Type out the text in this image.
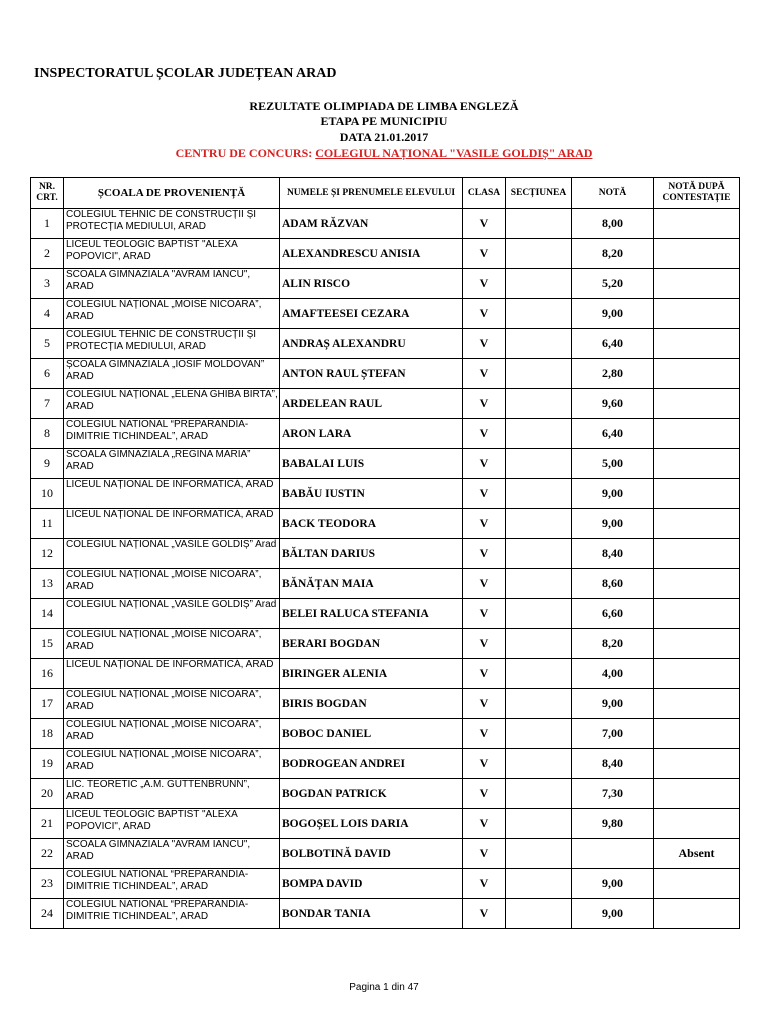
INSPECTORATUL ȘCOLAR JUDEȚEAN ARAD
REZULTATE OLIMPIADA DE LIMBA ENGLEZĂ
ETAPA PE MUNICIPIU
DATA 21.01.2017
CENTRU DE CONCURS: COLEGIUL NAȚIONAL "VASILE GOLDIȘ" ARAD
NR. CRT.	ȘCOALA DE PROVENIENȚĂ	NUMELE ȘI PRENUMELE ELEVULUI	CLASA	SECȚIUNEA	NOTĂ	NOTĂ DUPĂ CONTESTAȚIE
1	COLEGIUL TEHNIC DE CONSTRUCȚII ȘI PROTECȚIA MEDIULUI, ARAD	ADAM RĂZVAN	V		8,00	
2	LICEUL TEOLOGIC BAPTIST "ALEXA POPOVICI", ARAD	ALEXANDRESCU ANISIA	V		8,20	
3	SCOALA GIMNAZIALA "AVRAM IANCU", ARAD	ALIN RISCO	V		5,20	
4	COLEGIUL NAȚIONAL „MOISE NICOARA”, ARAD	AMAFTEESEI CEZARA	V		9,00	
5	COLEGIUL TEHNIC DE CONSTRUCȚII ȘI PROTECȚIA MEDIULUI, ARAD	ANDRAȘ ALEXANDRU	V		6,40	
6	ȘCOALA GIMNAZIALĂ „IOSIF MOLDOVAN” ARAD	ANTON RAUL ȘTEFAN	V		2,80	
7	COLEGIUL NAȚIONAL „ELENA GHIBA BIRTA”, ARAD	ARDELEAN RAUL	V		9,60	
8	COLEGIUL NATIONAL “PREPARANDIA-DIMITRIE TICHINDEAL”, ARAD	ARON LARA	V		6,40	
9	SCOALA GIMNAZIALA „REGINA MARIA” ARAD	BABALAI LUIS	V		5,00	
10	LICEUL NAȚIONAL DE INFORMATICĂ, ARAD	BABĂU IUSTIN	V		9,00	
11	LICEUL NAȚIONAL DE INFORMATICĂ, ARAD	BACK TEODORA	V		9,00	
12	COLEGIUL NAȚIONAL „VASILE GOLDIȘ” Arad	BĂLTAN DARIUS	V		8,40	
13	COLEGIUL NAȚIONAL „MOISE NICOARA”, ARAD	BĂNĂȚAN MAIA	V		8,60	
14	COLEGIUL NAȚIONAL „VASILE GOLDIȘ” Arad	BELEI RALUCA STEFANIA	V		6,60	
15	COLEGIUL NAȚIONAL „MOISE NICOARA”, ARAD	BERARI BOGDAN	V		8,20	
16	LICEUL NAȚIONAL DE INFORMATICĂ, ARAD	BIRINGER ALENIA	V		4,00	
17	COLEGIUL NAȚIONAL „MOISE NICOARA”, ARAD	BIRIS BOGDAN	V		9,00	
18	COLEGIUL NAȚIONAL „MOISE NICOARA”, ARAD	BOBOC DANIEL	V		7,00	
19	COLEGIUL NAȚIONAL „MOISE NICOARA”, ARAD	BODROGEAN ANDREI	V		8,40	
20	LIC. TEORETIC „A.M. GUTTENBRUNN”, ARAD	BOGDAN PATRICK	V		7,30	
21	LICEUL TEOLOGIC BAPTIST "ALEXA POPOVICI", ARAD	BOGOȘEL LOIS DARIA	V		9,80	
22	SCOALA GIMNAZIALA "AVRAM IANCU", ARAD	BOLBOTINĂ DAVID	V			Absent
23	COLEGIUL NATIONAL “PREPARANDIA-DIMITRIE TICHINDEAL”, ARAD	BOMPA DAVID	V		9,00	
24	COLEGIUL NATIONAL “PREPARANDIA-DIMITRIE TICHINDEAL”, ARAD	BONDAR TANIA	V		9,00	
Pagina 1 din 47
